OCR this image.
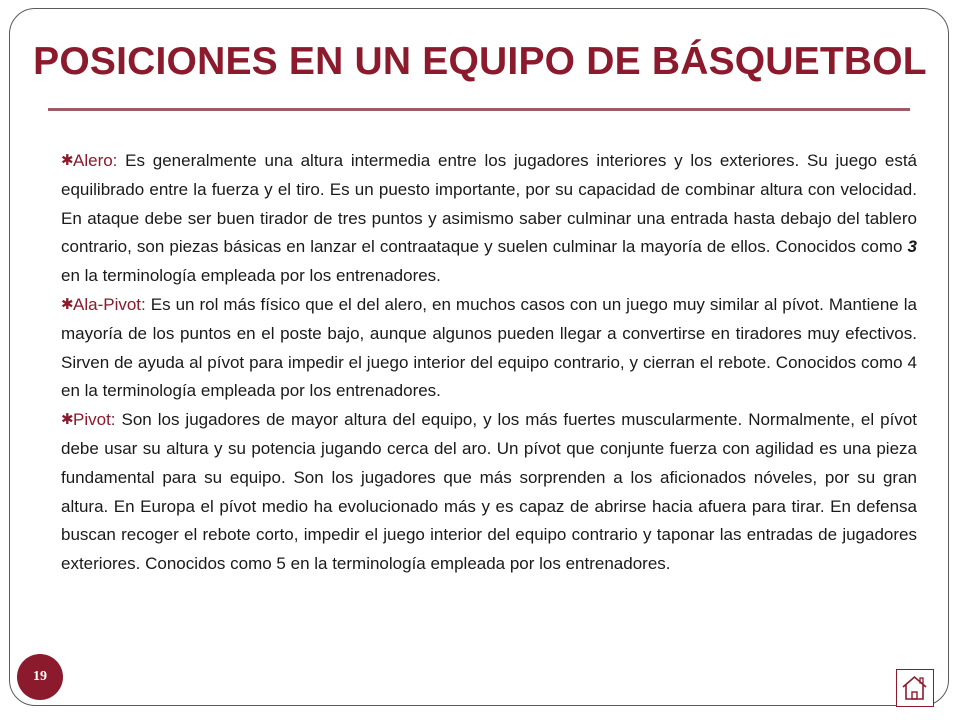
POSICIONES EN UN EQUIPO DE BÁSQUETBOL

✱Alero: Es generalmente una altura intermedia entre los jugadores interiores y los exteriores. Su juego está equilibrado entre la fuerza y el tiro. Es un puesto importante, por su capacidad de combinar altura con velocidad. En ataque debe ser buen tirador de tres puntos y asimismo saber culminar una entrada hasta debajo del tablero contrario, son piezas básicas en lanzar el contraataque y suelen culminar la mayoría de ellos. Conocidos como 3 en la terminología empleada por los entrenadores.

✱Ala-Pivot: Es un rol más físico que el del alero, en muchos casos con un juego muy similar al pívot. Mantiene la mayoría de los puntos en el poste bajo, aunque algunos pueden llegar a convertirse en tiradores muy efectivos. Sirven de ayuda al pívot para impedir el juego interior del equipo contrario, y cierran el rebote. Conocidos como 4 en la terminología empleada por los entrenadores.

✱Pivot: Son los jugadores de mayor altura del equipo, y los más fuertes muscularmente. Normalmente, el pívot debe usar su altura y su potencia jugando cerca del aro. Un pívot que conjunte fuerza con agilidad es una pieza fundamental para su equipo. Son los jugadores que más sorprenden a los aficionados nóveles, por su gran altura. En Europa el pívot medio ha evolucionado más y es capaz de abrirse hacia afuera para tirar. En defensa buscan recoger el rebote corto, impedir el juego interior del equipo contrario y taponar las entradas de jugadores exteriores. Conocidos como 5 en la terminología empleada por los entrenadores.

19
